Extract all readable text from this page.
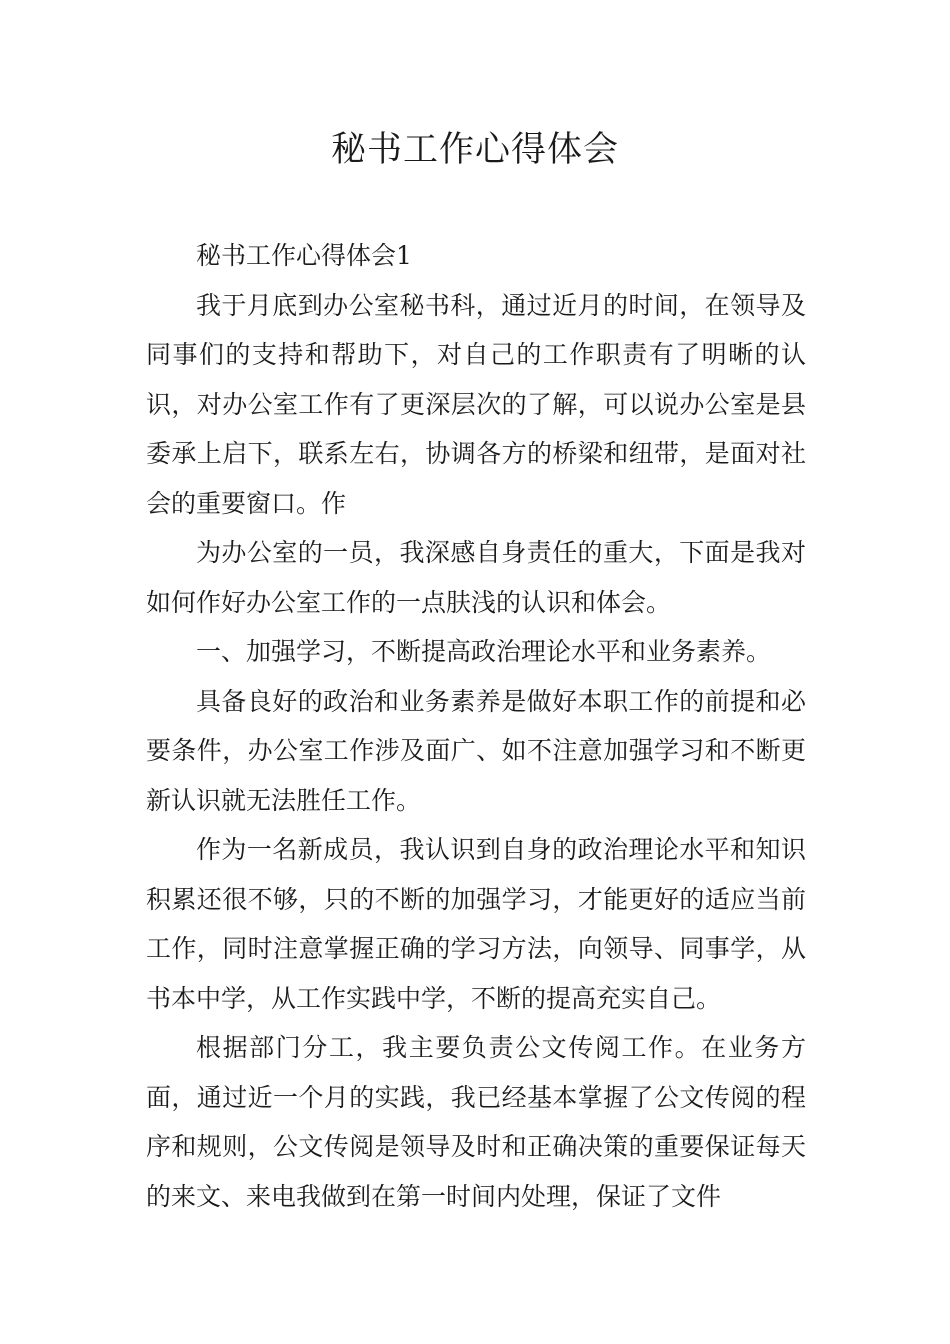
秘书工作心得体会

秘书工作心得体会1

我于月底到办公室秘书科，通过近月的时间，在领导及同事们的支持和帮助下，对自己的工作职责有了明晰的认识，对办公室工作有了更深层次的了解，可以说办公室是县委承上启下，联系左右，协调各方的桥梁和纽带，是面对社会的重要窗口。作

为办公室的一员，我深感自身责任的重大，下面是我对如何作好办公室工作的一点肤浅的认识和体会。

一、加强学习，不断提高政治理论水平和业务素养。

具备良好的政治和业务素养是做好本职工作的前提和必要条件，办公室工作涉及面广、如不注意加强学习和不断更新认识就无法胜任工作。

作为一名新成员，我认识到自身的政治理论水平和知识积累还很不够，只的不断的加强学习，才能更好的适应当前工作，同时注意掌握正确的学习方法，向领导、同事学，从书本中学，从工作实践中学，不断的提高充实自己。

根据部门分工，我主要负责公文传阅工作。在业务方面，通过近一个月的实践，我已经基本掌握了公文传阅的程序和规则，公文传阅是领导及时和正确决策的重要保证每天的来文、来电我做到在第一时间内处理，保证了文件
